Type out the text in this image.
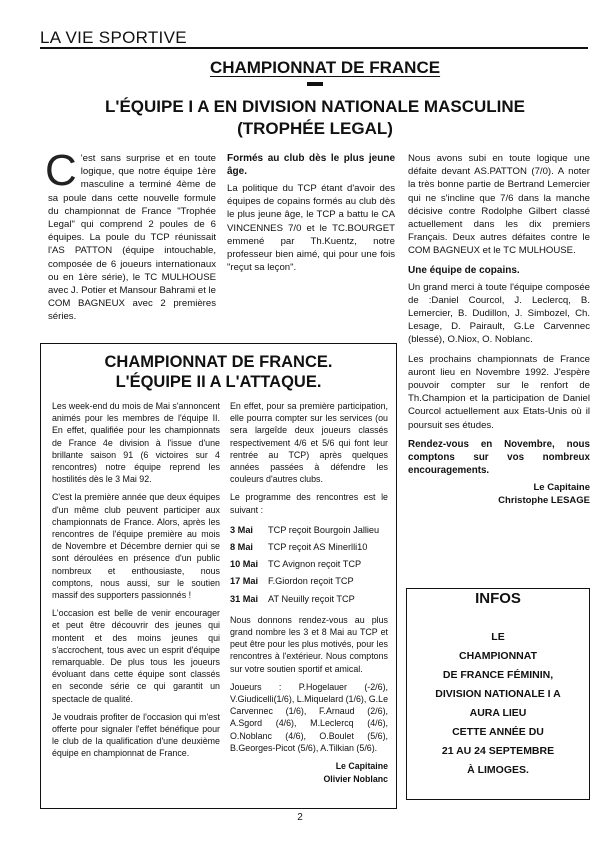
LA VIE SPORTIVE
CHAMPIONNAT DE FRANCE
L'ÉQUIPE I A EN DIVISION NATIONALE MASCULINE
(TROPHÉE LEGAL)

C 'est sans surprise et en toute logique, que notre équipe 1ère masculine a terminé 4ème de sa poule dans cette nouvelle formule du championnat de France "Trophée Legal" qui comprend 2 poules de 6 équipes. La poule du TCP réunissait l'AS PATTON (équipe intouchable, composée de 6 joueurs internationaux ou en 1ère série), le TC MULHOUSE avec J. Potier et Mansour Bahrami et le COM BAGNEUX avec 2 premières séries.

Formés au club dès le plus jeune âge.

La politique du TCP étant d'avoir des équipes de copains formés au club dès le plus jeune âge, le TCP a battu le CA VINCENNES 7/0 et le TC.BOURGET emmené par Th.Kuentz, notre professeur bien aimé, qui pour une fois "reçut sa leçon".

Nous avons subi en toute logique une défaite devant AS.PATTON (7/0). A noter la très bonne partie de Bertrand Lemercier qui ne s'incline que 7/6 dans la manche décisive contre Rodolphe Gilbert classé actuellement dans les dix premiers Français. Deux autres défaites contre le COM BAGNEUX et le TC MULHOUSE.

Une équipe de copains.

Un grand merci à toute l'équipe composée de :Daniel Courcol, J. Leclercq, B. Lemercier, B. Dudillon, J. Simbozel, Ch. Lesage, D. Pairault, G.Le Carvennec (blessé), O.Niox, O. Noblanc.

Les prochains championnats de France auront lieu en Novembre 1992. J'espère pouvoir compter sur le renfort de Th.Champion et la participation de Daniel Courcol actuellement aux Etats-Unis où il poursuit ses études.

Rendez-vous en Novembre, nous comptons sur vos nombreux encouragements.
Le Capitaine
Christophe LESAGE
CHAMPIONNAT DE FRANCE.
L'ÉQUIPE II A L'ATTAQUE.

Les week-end du mois de Mai s'annoncent animés pour les membres de l'équipe II. En effet, qualifiée pour les championnats de France 4e division à l'issue d'une brillante saison 91 (6 victoires sur 4 rencontres) notre équipe reprend les hostilités dès le 3 Mai 92.

C'est la première année que deux équipes d'un même club peuvent participer aux championnats de France. Alors, après les rencontres de l'équipe première au mois de Novembre et Décembre dernier qui se sont déroulées en présence d'un public nombreux et enthousiaste, nous comptons, nous aussi, sur le soutien massif des supporters passionnés !

L'occasion est belle de venir encourager et peut être découvrir des jeunes qui montent et des moins jeunes qui s'accrochent, tous avec un esprit d'équipe remarquable. De plus tous les joueurs évoluant dans cette équipe sont classés en seconde série ce qui garantit un spectacle de qualité.

Je voudrais profiter de l'occasion qui m'est offerte pour signaler l'effet bénéfique pour le club de la qualification d'une deuxième équipe en championnat de France.

En effet, pour sa première participation, elle pourra compter sur les services (ou sera largeîde deux joueurs classés respectivement 4/6 et 5/6 qui font leur rentrée au TCP) après quelques années passées à défendre les couleurs d'autres clubs.

Le programme des rencontres est le suivant :

3 Mai	TCP reçoit Bourgoin Jallieu
8 Mai	TCP reçoit AS Minerlli10
10 Mai	TC Avignon reçoit TCP
17 Mai	F.Giordon reçoit TCP
31 Mai	AT Neuilly reçoit TCP

Nous donnons rendez-vous au plus grand nombre les 3 et 8 Mai au TCP et peut être pour les plus motivés, pour les rencontres à l'extérieur. Nous comptons sur votre soutien sportif et amical.

Joueurs : P.Hogelauer (-2/6), V.Giudicelli(1/6), L.Miquelard (1/6), G.Le Carvennec (1/6), F.Arnaud (2/6), A.Sgord (4/6), M.Leclercq (4/6), O.Noblanc (4/6), O.Boulet (5/6), B.Georges-Picot (5/6), A.Tilkian (5/6).

Le Capitaine
Olivier Noblanc
INFOS
LE
CHAMPIONNAT
DE FRANCE FÉMININ,
DIVISION NATIONALE I A
AURA LIEU
CETTE ANNÉE DU
21 AU 24 SEPTEMBRE
À LIMOGES.
2
